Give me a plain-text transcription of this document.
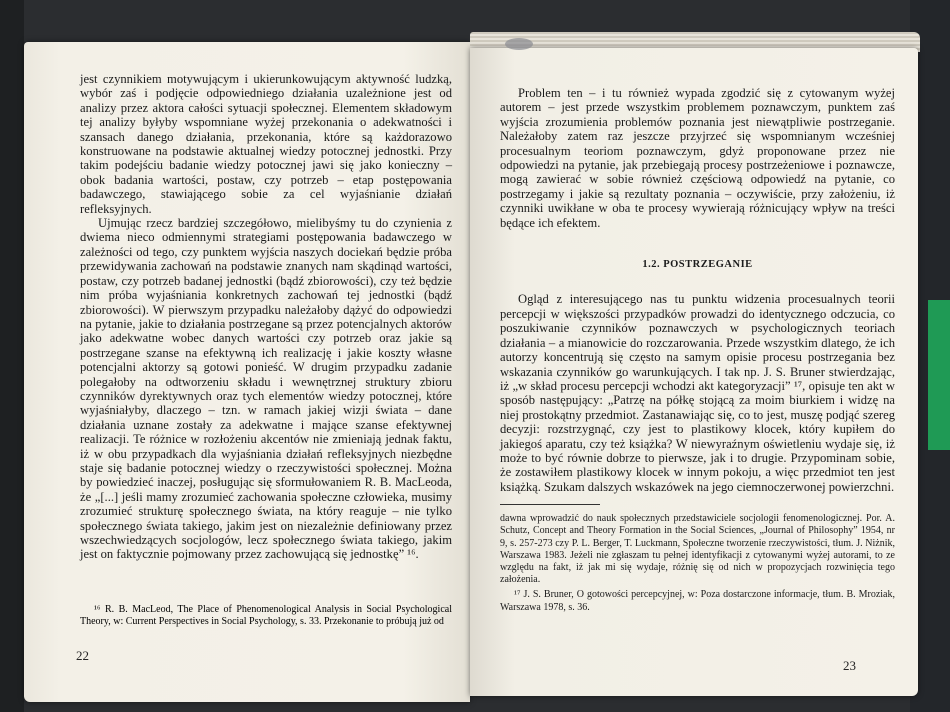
jest czynnikiem motywującym i ukierunkowującym aktywność ludzką, wybór zaś i podjęcie odpowiedniego działania uzależnione jest od analizy przez aktora całości sytuacji społecznej. Elementem składowym tej analizy byłyby wspomniane wyżej przekonania o adekwatności i szansach danego działania, przekonania, które są każdorazowo konstruowane na podstawie aktualnej wiedzy potocznej jednostki. Przy takim podejściu badanie wiedzy potocznej jawi się jako konieczny – obok badania wartości, postaw, czy potrzeb – etap postępowania badawczego, stawiającego sobie za cel wyjaśnianie działań refleksyjnych.

Ujmując rzecz bardziej szczegółowo, mielibyśmy tu do czynienia z dwiema nieco odmiennymi strategiami postępowania badawczego w zależności od tego, czy punktem wyjścia naszych dociekań będzie próba przewidywania zachowań na podstawie znanych nam skądinąd wartości, postaw, czy potrzeb badanej jednostki (bądź zbiorowości), czy też będzie nim próba wyjaśniania konkretnych zachowań tej jednostki (bądź zbiorowości). W pierwszym przypadku należałoby dążyć do odpowiedzi na pytanie, jakie to działania postrzegane są przez potencjalnych aktorów jako adekwatne wobec danych wartości czy potrzeb oraz jakie są postrzegane szanse na efektywną ich realizację i jakie koszty własne potencjalni aktorzy są gotowi ponieść. W drugim przypadku zadanie polegałoby na odtworzeniu składu i wewnętrznej struktury zbioru czynników dyrektywnych oraz tych elementów wiedzy potocznej, które wyjaśniałyby, dlaczego – tzn. w ramach jakiej wizji świata – dane działania uznane zostały za adekwatne i mające szanse efektywnej realizacji. Te różnice w rozłożeniu akcentów nie zmieniają jednak faktu, iż w obu przypadkach dla wyjaśniania działań refleksyjnych niezbędne staje się badanie potocznej wiedzy o rzeczywistości społecznej. Można by powiedzieć inaczej, posługując się sformułowaniem R. B. MacLeoda, że „[...] jeśli mamy zrozumieć zachowania społeczne człowieka, musimy zrozumieć strukturę społecznego świata, na który reaguje – nie tylko społecznego świata takiego, jakim jest on niezależnie definiowany przez wszechwiedzących socjologów, lecz społecznego świata takiego, jakim jest on faktycznie pojmowany przez zachowującą się jednostkę” ¹⁶.

¹⁶ R. B. MacLeod, The Place of Phenomenological Analysis in Social Psychological Theory, w: Current Perspectives in Social Psychology, s. 33. Przekonanie to próbują już od

22

Problem ten – i tu również wypada zgodzić się z cytowanym wyżej autorem – jest przede wszystkim problemem poznawczym, punktem zaś wyjścia zrozumienia problemów poznania jest niewątpliwie postrzeganie. Należałoby zatem raz jeszcze przyjrzeć się wspomnianym wcześniej procesualnym teoriom poznawczym, gdyż proponowane przez nie odpowiedzi na pytanie, jak przebiegają procesy postrzeżeniowe i poznawcze, mogą zawierać w sobie również częściową odpowiedź na pytanie, co postrzegamy i jakie są rezultaty poznania – oczywiście, przy założeniu, iż czynniki uwikłane w oba te procesy wywierają różnicujący wpływ na treści będące ich efektem.

1.2. POSTRZEGANIE

Ogląd z interesującego nas tu punktu widzenia procesualnych teorii percepcji w większości przypadków prowadzi do identycznego odczucia, co poszukiwanie czynników poznawczych w psychologicznych teoriach działania – a mianowicie do rozczarowania. Przede wszystkim dlatego, że ich autorzy koncentrują się często na samym opisie procesu postrzegania bez wskazania czynników go warunkujących. I tak np. J. S. Bruner stwierdzając, iż „w skład procesu percepcji wchodzi akt kategoryzacji” ¹⁷, opisuje ten akt w sposób następujący: „Patrzę na półkę stojącą za moim biurkiem i widzę na niej prostokątny przedmiot. Zastanawiając się, co to jest, muszę podjąć szereg decyzji: rozstrzygnąć, czy jest to plastikowy klocek, który kupiłem do jakiegoś aparatu, czy też książka? W niewyraźnym oświetleniu wydaje się, iż może to być równie dobrze to pierwsze, jak i to drugie. Przypominam sobie, że zostawiłem plastikowy klocek w innym pokoju, a więc przedmiot ten jest książką. Szukam dalszych wskazówek na jego ciemnoczerwonej powierzchni.

dawna wprowadzić do nauk społecznych przedstawiciele socjologii fenomenologicznej. Por. A. Schutz, Concept and Theory Formation in the Social Sciences, „Journal of Philosophy” 1954, nr 9, s. 257-273 czy P. L. Berger, T. Luckmann, Społeczne tworzenie rzeczywistości, tłum. J. Niżnik, Warszawa 1983. Jeżeli nie zgłaszam tu pełnej identyfikacji z cytowanymi wyżej autorami, to ze względu na fakt, iż jak mi się wydaje, różnię się od nich w propozycjach rozwinięcia tego założenia.

¹⁷ J. S. Bruner, O gotowości percepcyjnej, w: Poza dostarczone informacje, tłum. B. Mroziak, Warszawa 1978, s. 36.

23
